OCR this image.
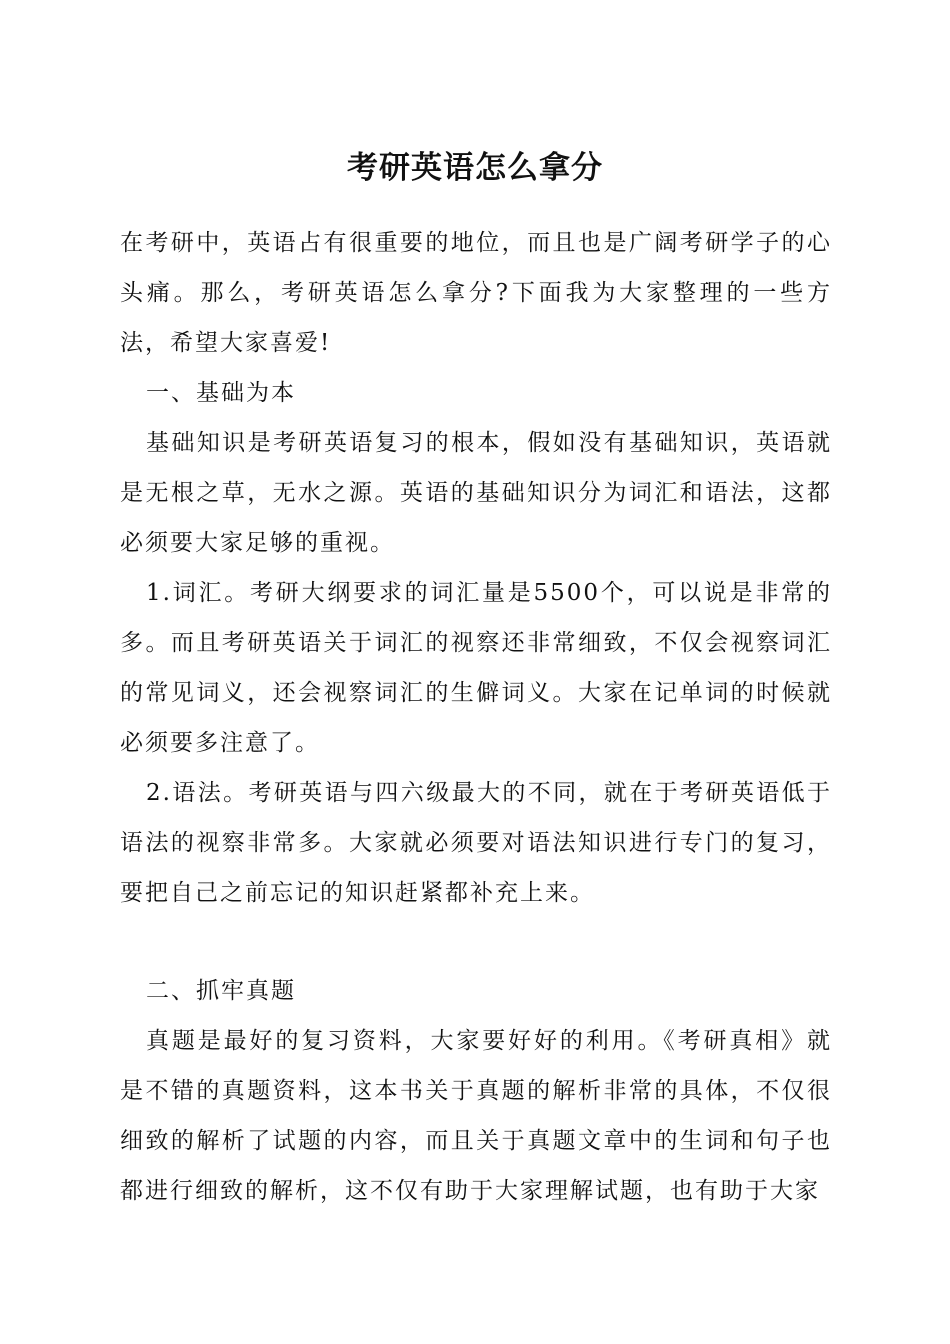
考研英语怎么拿分

在考研中，英语占有很重要的地位，而且也是广阔考研学子的心头痛。那么，考研英语怎么拿分?下面我为大家整理的一些方法，希望大家喜爱!

一、基础为本

基础知识是考研英语复习的根本，假如没有基础知识，英语就是无根之草，无水之源。英语的基础知识分为词汇和语法，这都必须要大家足够的重视。

1.词汇。考研大纲要求的词汇量是5500个，可以说是非常的多。而且考研英语关于词汇的视察还非常细致，不仅会视察词汇的常见词义，还会视察词汇的生僻词义。大家在记单词的时候就必须要多注意了。

2.语法。考研英语与四六级最大的不同，就在于考研英语低于语法的视察非常多。大家就必须要对语法知识进行专门的复习，要把自己之前忘记的知识赶紧都补充上来。

二、抓牢真题

真题是最好的复习资料，大家要好好的利用。《考研真相》就是不错的真题资料，这本书关于真题的解析非常的具体，不仅很细致的解析了试题的内容，而且关于真题文章中的生词和句子也都进行细致的解析，这不仅有助于大家理解试题，也有助于大家
